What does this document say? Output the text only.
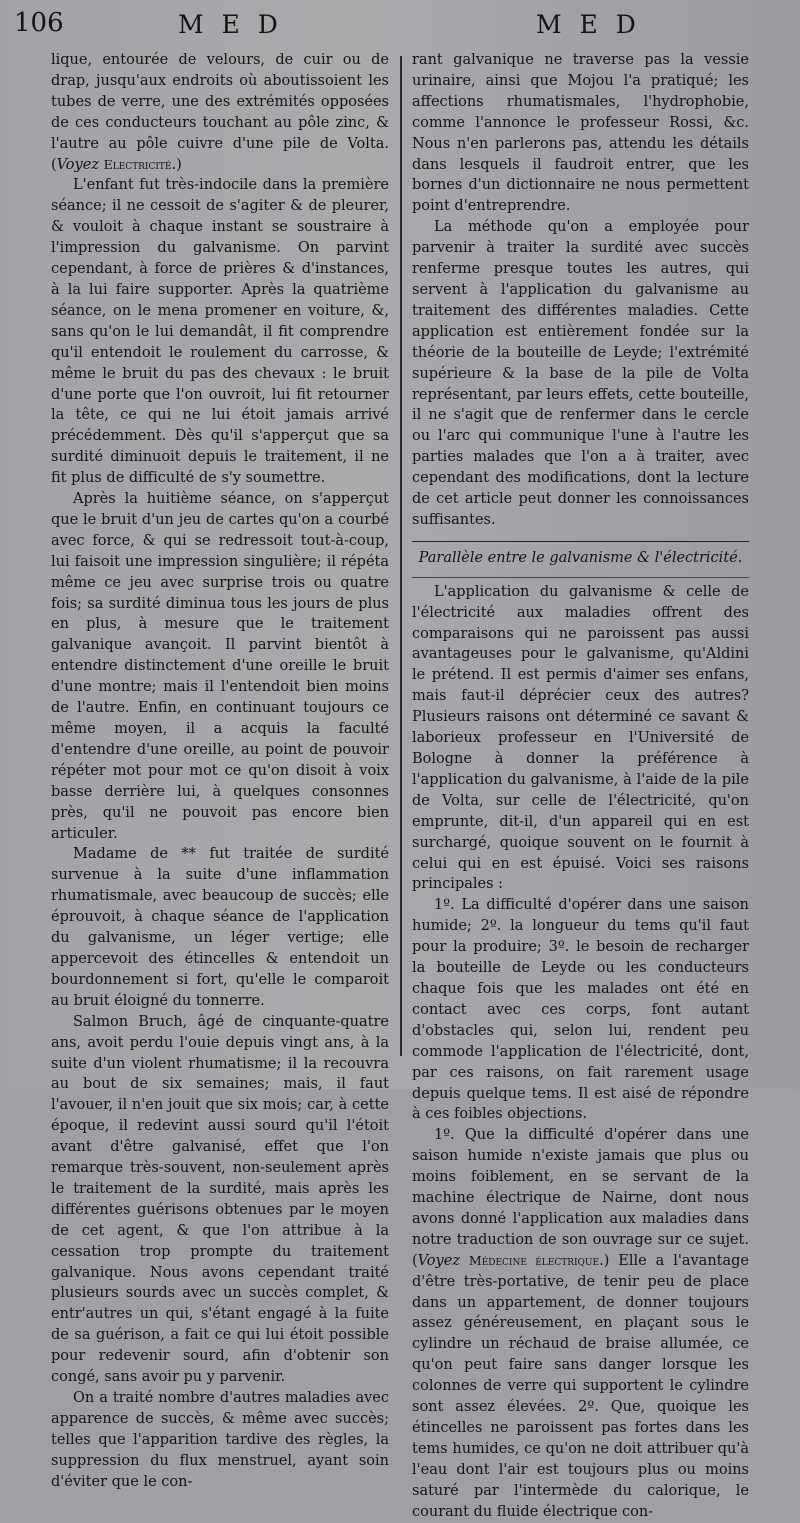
106	M E D	M E D

lique, entourée de velours, de cuir ou de drap, jusqu'aux endroits où aboutissoient les tubes de verre, une des extrémités opposées de ces conducteurs touchant au pôle zinc, & l'autre au pôle cuivre d'une pile de Volta. (Voyez Electricité.)

L'enfant fut très-indocile dans la première séance; il ne cessoit de s'agiter & de pleurer, & vouloit à chaque instant se soustraire à l'impression du galvanisme. On parvint cependant, à force de prières & d'instances, à la lui faire supporter. Après la quatrième séance, on le mena promener en voiture, &, sans qu'on le lui demandât, il fit comprendre qu'il entendoit le roulement du carrosse, & même le bruit du pas des chevaux : le bruit d'une porte que l'on ouvroit, lui fit retourner la tête, ce qui ne lui étoit jamais arrivé précédemment. Dès qu'il s'apperçut que sa surdité diminuoit depuis le traitement, il ne fit plus de difficulté de s'y soumettre.

Après la huitième séance, on s'apperçut que le bruit d'un jeu de cartes qu'on a courbé avec force, & qui se redressoit tout-à-coup, lui faisoit une impression singulière; il répéta même ce jeu avec surprise trois ou quatre fois; sa surdité diminua tous les jours de plus en plus, à mesure que le traitement galvanique avançoit. Il parvint bientôt à entendre distinctement d'une oreille le bruit d'une montre; mais il l'entendoit bien moins de l'autre. Enfin, en continuant toujours ce même moyen, il a acquis la faculté d'entendre d'une oreille, au point de pouvoir répéter mot pour mot ce qu'on disoit à voix basse derrière lui, à quelques consonnes près, qu'il ne pouvoit pas encore bien articuler.

Madame de ** fut traitée de surdité survenue à la suite d'une inflammation rhumatismale, avec beaucoup de succès; elle éprouvoit, à chaque séance de l'application du galvanisme, un léger vertige; elle appercevoit des étincelles & entendoit un bourdonnement si fort, qu'elle le comparoit au bruit éloigné du tonnerre.

Salmon Bruch, âgé de cinquante-quatre ans, avoit perdu l'ouie depuis vingt ans, à la suite d'un violent rhumatisme; il la recouvra au bout de six semaines; mais, il faut l'avouer, il n'en jouit que six mois; car, à cette époque, il redevint aussi sourd qu'il l'étoit avant d'être galvanisé, effet que l'on remarque très-souvent, non-seulement après le traitement de la surdité, mais après les différentes guérisons obtenues par le moyen de cet agent, & que l'on attribue à la cessation trop prompte du traitement galvanique. Nous avons cependant traité plusieurs sourds avec un succès complet, & entr'autres un qui, s'étant engagé à la fuite de sa guérison, a fait ce qui lui étoit possible pour redevenir sourd, afin d'obtenir son congé, sans avoir pu y parvenir.

On a traité nombre d'autres maladies avec apparence de succès, & même avec succès; telles que l'apparition tardive des règles, la suppression du flux menstruel, ayant soin d'éviter que le con-

rant galvanique ne traverse pas la vessie urinaire, ainsi que Mojou l'a pratiqué; les affections rhumatismales, l'hydrophobie, comme l'annonce le professeur Rossi, &c. Nous n'en parlerons pas, attendu les détails dans lesquels il faudroit entrer, que les bornes d'un dictionnaire ne nous permettent point d'entreprendre.

La méthode qu'on a employée pour parvenir à traiter la surdité avec succès renferme presque toutes les autres, qui servent à l'application du galvanisme au traitement des différentes maladies. Cette application est entièrement fondée sur la théorie de la bouteille de Leyde; l'extrémité supérieure & la base de la pile de Volta représentant, par leurs effets, cette bouteille, il ne s'agit que de renfermer dans le cercle ou l'arc qui communique l'une à l'autre les parties malades que l'on a à traiter, avec cependant des modifications, dont la lecture de cet article peut donner les connoissances suffisantes.

Parallèle entre le galvanisme & l'électricité.

L'application du galvanisme & celle de l'électricité aux maladies offrent des comparaisons qui ne paroissent pas aussi avantageuses pour le galvanisme, qu'Aldini le prétend. Il est permis d'aimer ses enfans, mais faut-il déprécier ceux des autres? Plusieurs raisons ont déterminé ce savant & laborieux professeur en l'Université de Bologne à donner la préférence à l'application du galvanisme, à l'aide de la pile de Volta, sur celle de l'électricité, qu'on emprunte, dit-il, d'un appareil qui en est surchargé, quoique souvent on le fournit à celui qui en est épuisé. Voici ses raisons principales :

1º. La difficulté d'opérer dans une saison humide; 2º. la longueur du tems qu'il faut pour la produire; 3º. le besoin de recharger la bouteille de Leyde ou les conducteurs chaque fois que les malades ont été en contact avec ces corps, font autant d'obstacles qui, selon lui, rendent peu commode l'application de l'électricité, dont, par ces raisons, on fait rarement usage depuis quelque tems. Il est aisé de répondre à ces foibles objections.

1º. Que la difficulté d'opérer dans une saison humide n'existe jamais que plus ou moins foiblement, en se servant de la machine électrique de Nairne, dont nous avons donné l'application aux maladies dans notre traduction de son ouvrage sur ce sujet. (Voyez Médecine électrique.) Elle a l'avantage d'être très-portative, de tenir peu de place dans un appartement, de donner toujours assez généreusement, en plaçant sous le cylindre un réchaud de braise allumée, ce qu'on peut faire sans danger lorsque les colonnes de verre qui supportent le cylindre sont assez élevées. 2º. Que, quoique les étincelles ne paroissent pas fortes dans les tems humides, ce qu'on ne doit attribuer qu'à l'eau dont l'air est toujours plus ou moins saturé par l'intermède du calorique, le courant du fluide électrique con-
